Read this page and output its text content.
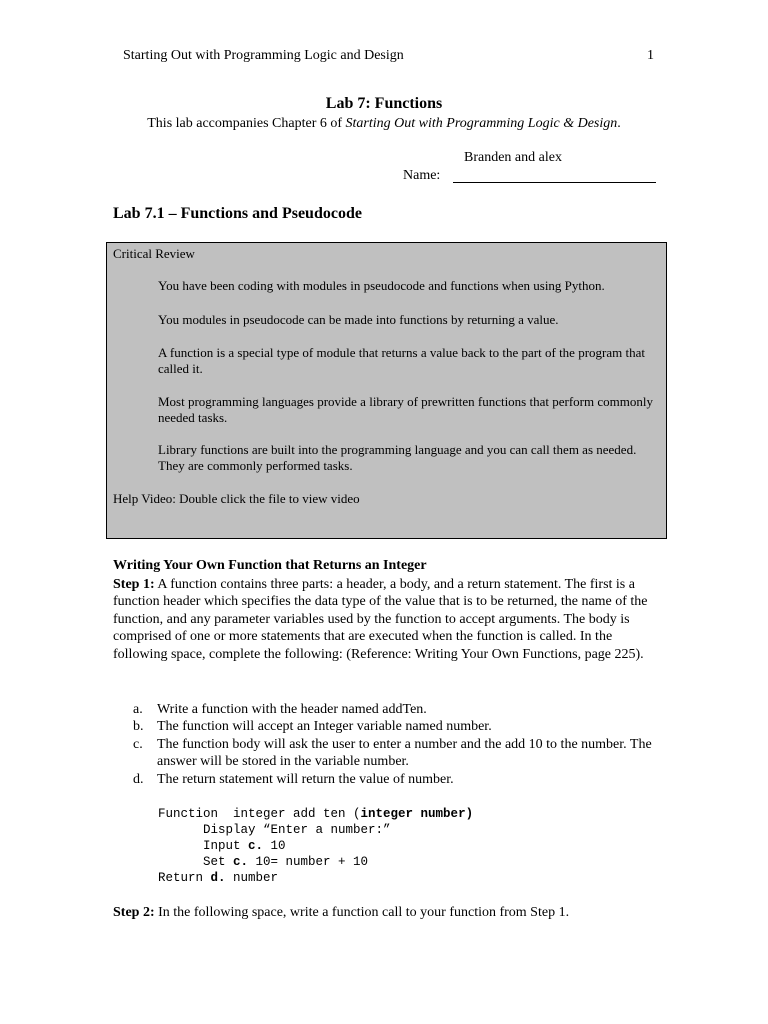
Starting Out with Programming Logic and Design	1
Lab 7: Functions
This lab accompanies Chapter 6 of Starting Out with Programming Logic & Design.
Branden and alex
Name:
Lab 7.1 – Functions and Pseudocode
Critical Review
You have been coding with modules in pseudocode and functions when using Python.
You modules in pseudocode can be made into functions by returning a value.
A function is a special type of module that returns a value back to the part of the program that called it.
Most programming languages provide a library of prewritten functions that perform commonly needed tasks.
Library functions are built into the programming language and you can call them as needed. They are commonly performed tasks.
Help Video: Double click the file to view video
Writing Your Own Function that Returns an Integer
Step 1: A function contains three parts: a header, a body, and a return statement. The first is a function header which specifies the data type of the value that is to be returned, the name of the function, and any parameter variables used by the function to accept arguments. The body is comprised of one or more statements that are executed when the function is called. In the following space, complete the following: (Reference: Writing Your Own Functions, page 225).
a. Write a function with the header named addTen.
b. The function will accept an Integer variable named number.
c. The function body will ask the user to enter a number and the add 10 to the number. The answer will be stored in the variable number.
d. The return statement will return the value of number.
Function  integer add ten (integer number)
Display “Enter a number:”
Input c. 10
Set c. 10= number + 10
Return d. number
Step 2: In the following space, write a function call to your function from Step 1.
